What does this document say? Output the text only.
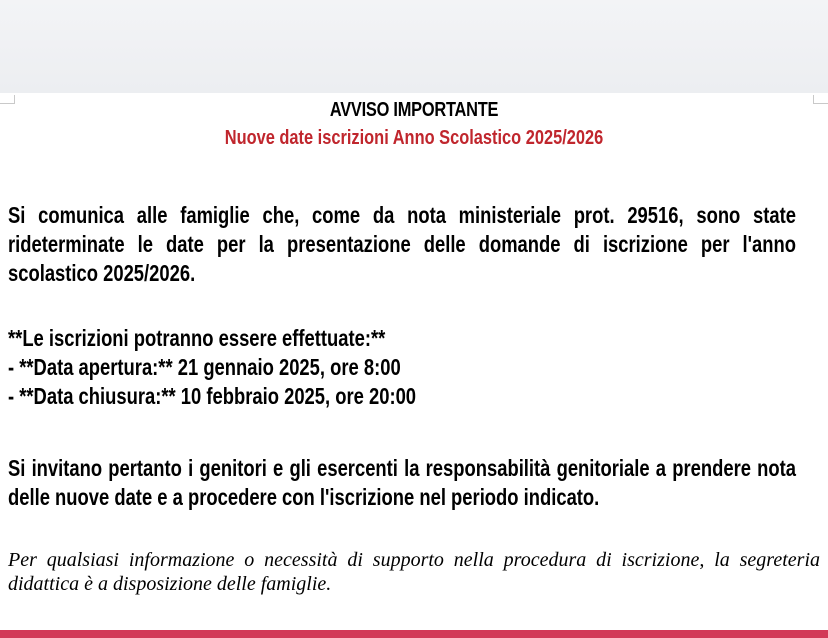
AVVISO IMPORTANTE
Nuove date iscrizioni Anno Scolastico 2025/2026
Si comunica alle famiglie che, come da nota ministeriale prot. 29516, sono state rideterminate le date per la presentazione delle domande di iscrizione per l'anno scolastico 2025/2026.
**Le iscrizioni potranno essere effettuate:**
- **Data apertura:** 21 gennaio 2025, ore 8:00
- **Data chiusura:** 10 febbraio 2025, ore 20:00
Si invitano pertanto i genitori e gli esercenti la responsabilità genitoriale a prendere nota delle nuove date e a procedere con l'iscrizione nel periodo indicato.
Per qualsiasi informazione o necessità di supporto nella procedura di iscrizione, la segreteria didattica è a disposizione delle famiglie.
